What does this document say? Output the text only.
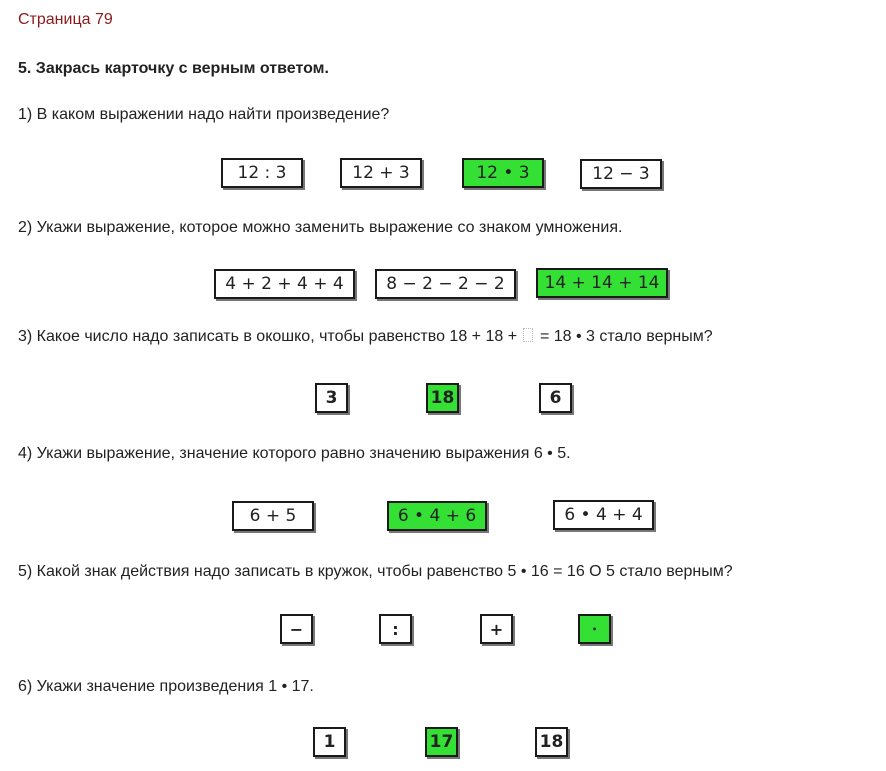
Страница 79
5. Закрась карточку с верным ответом.
1) В каком выражении надо найти произведение?
12 : 3	12 + 3	12 • 3	12 − 3
2) Укажи выражение, которое можно заменить выражение со знаком умножения.
4 + 2 + 4 + 4	8 − 2 − 2 − 2	14 + 14 + 14
3) Какое число надо записать в окошко, чтобы равенство 18 + 18 + = 18 • 3 стало верным?
3	18	6
4) Укажи выражение, значение которого равно значению выражения 6 • 5.
6 + 5	6 • 4 + 6	6 • 4 + 4
5) Какой знак действия надо записать в кружок, чтобы равенство 5 • 16 = 16 О 5 стало верным?
−	:	+	•
6) Укажи значение произведения 1 • 17.
1	17	18
